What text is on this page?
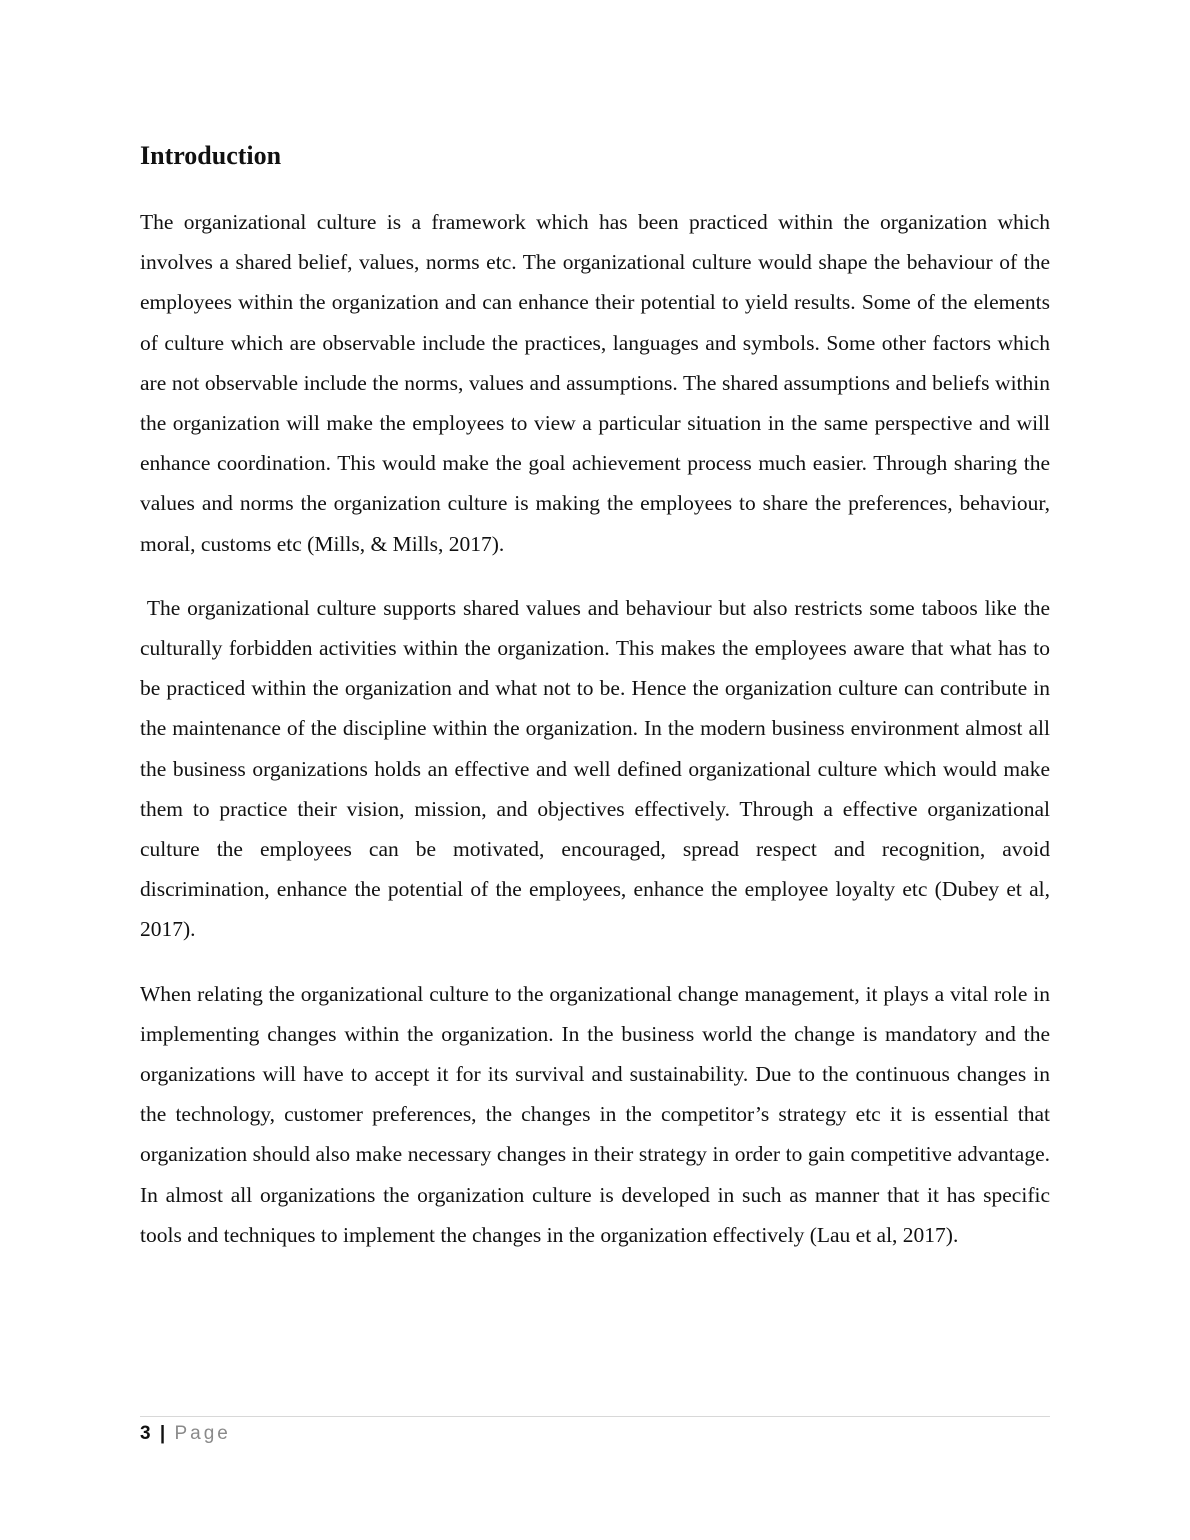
Introduction

The organizational culture is a framework which has been practiced within the organization which involves a shared belief, values, norms etc. The organizational culture would shape the behaviour of the employees within the organization and can enhance their potential to yield results. Some of the elements of culture which are observable include the practices, languages and symbols. Some other factors which are not observable include the norms, values and assumptions. The shared assumptions and beliefs within the organization will make the employees to view a particular situation in the same perspective and will enhance coordination. This would make the goal achievement process much easier. Through sharing the values and norms the organization culture is making the employees to share the preferences, behaviour, moral, customs etc (Mills, & Mills, 2017).

The organizational culture supports shared values and behaviour but also restricts some taboos like the culturally forbidden activities within the organization. This makes the employees aware that what has to be practiced within the organization and what not to be. Hence the organization culture can contribute in the maintenance of the discipline within the organization. In the modern business environment almost all the business organizations holds an effective and well defined organizational culture which would make them to practice their vision, mission, and objectives effectively. Through a effective organizational culture the employees can be motivated, encouraged, spread respect and recognition, avoid discrimination, enhance the potential of the employees, enhance the employee loyalty etc (Dubey et al, 2017).

When relating the organizational culture to the organizational change management, it plays a vital role in implementing changes within the organization. In the business world the change is mandatory and the organizations will have to accept it for its survival and sustainability. Due to the continuous changes in the technology, customer preferences, the changes in the competitor’s strategy etc it is essential that organization should also make necessary changes in their strategy in order to gain competitive advantage. In almost all organizations the organization culture is developed in such as manner that it has specific tools and techniques to implement the changes in the organization effectively (Lau et al, 2017).

3 | Page
